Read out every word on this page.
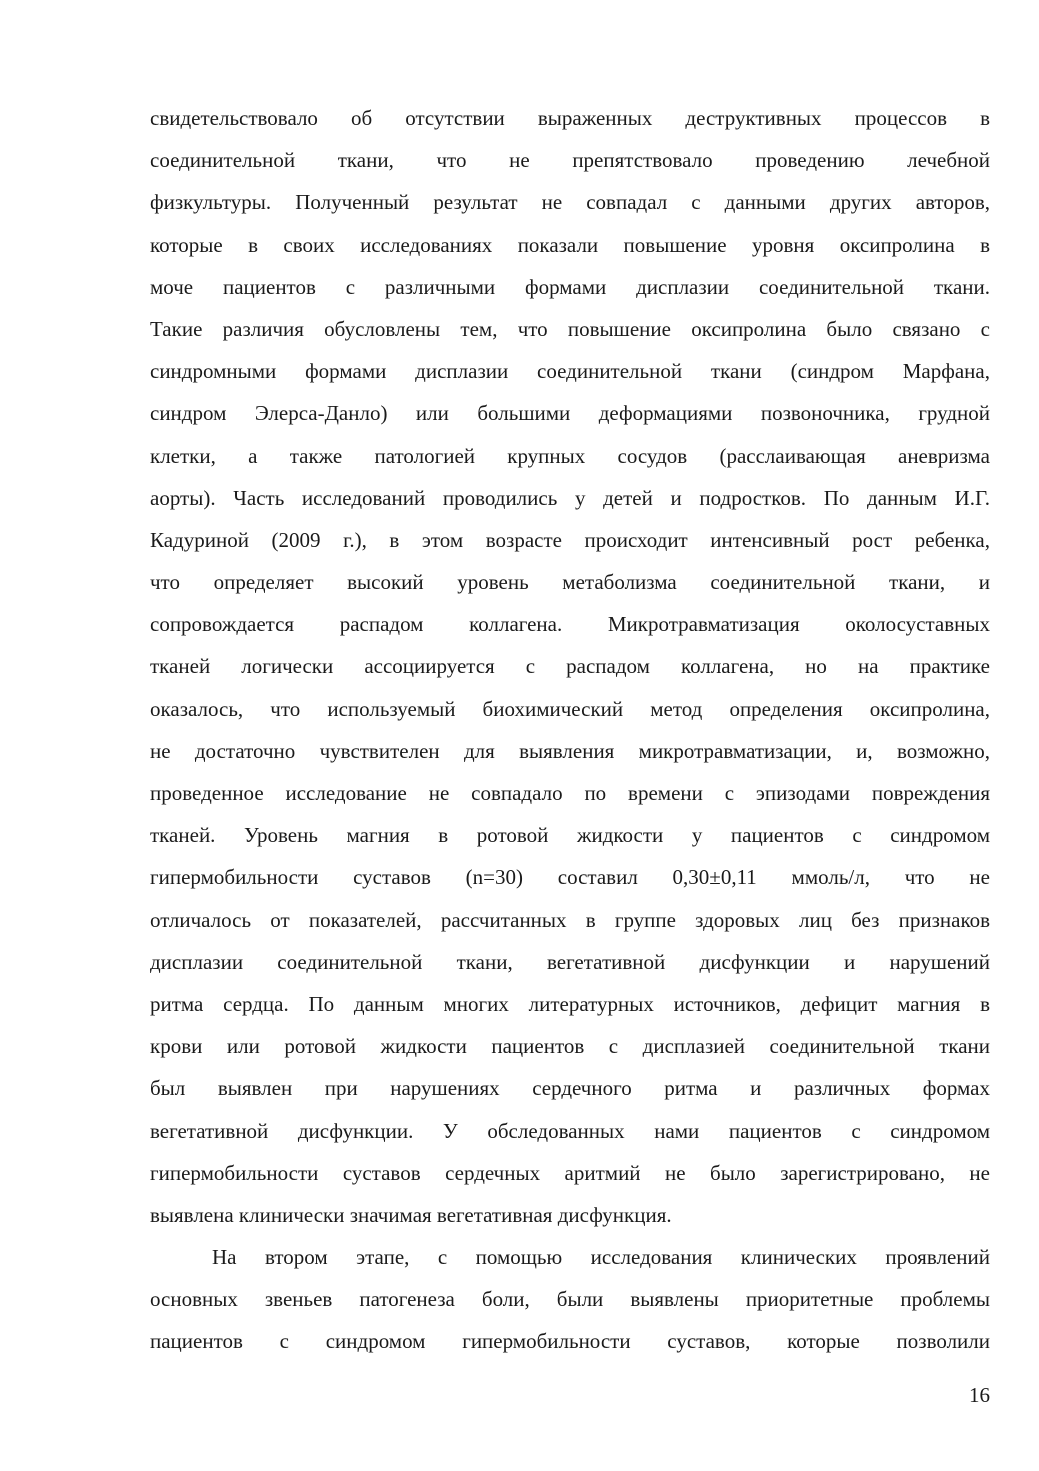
свидетельствовало об отсутствии выраженных деструктивных процессов в
соединительной ткани, что не препятствовало проведению лечебной
физкультуры. Полученный результат не совпадал с данными других авторов,
которые в своих исследованиях показали повышение уровня оксипролина в
моче пациентов с различными формами дисплазии соединительной ткани.
Такие различия обусловлены тем, что повышение оксипролина было связано с
синдромными формами дисплазии соединительной ткани (синдром Марфана,
синдром Элерса-Данло) или большими деформациями позвоночника, грудной
клетки, а также патологией крупных сосудов (расслаивающая аневризма
аорты). Часть исследований проводились у детей и подростков. По данным И.Г.
Кадуриной (2009 г.), в этом возрасте происходит интенсивный рост ребенка,
что определяет высокий уровень метаболизма соединительной ткани, и
сопровождается распадом коллагена. Микротравматизация околосуставных
тканей логически ассоциируется с распадом коллагена, но на практике
оказалось, что используемый биохимический метод определения оксипролина,
не достаточно чувствителен для выявления микротравматизации, и, возможно,
проведенное исследование не совпадало по времени с эпизодами повреждения
тканей. Уровень магния в ротовой жидкости у пациентов с синдромом
гипермобильности суставов (n=30) составил 0,30±0,11 ммоль/л, что не
отличалось от показателей, рассчитанных в группе здоровых лиц без признаков
дисплазии соединительной ткани, вегетативной дисфункции и нарушений
ритма сердца. По данным многих литературных источников, дефицит магния в
крови или ротовой жидкости пациентов с дисплазией соединительной ткани
был выявлен при нарушениях сердечного ритма и различных формах
вегетативной дисфункции. У обследованных нами пациентов с синдромом
гипермобильности суставов сердечных аритмий не было зарегистрировано, не
выявлена клинически значимая вегетативная дисфункция.
На втором этапе, с помощью исследования клинических проявлений
основных звеньев патогенеза боли, были выявлены приоритетные проблемы
пациентов с синдромом гипермобильности суставов, которые позволили
16
